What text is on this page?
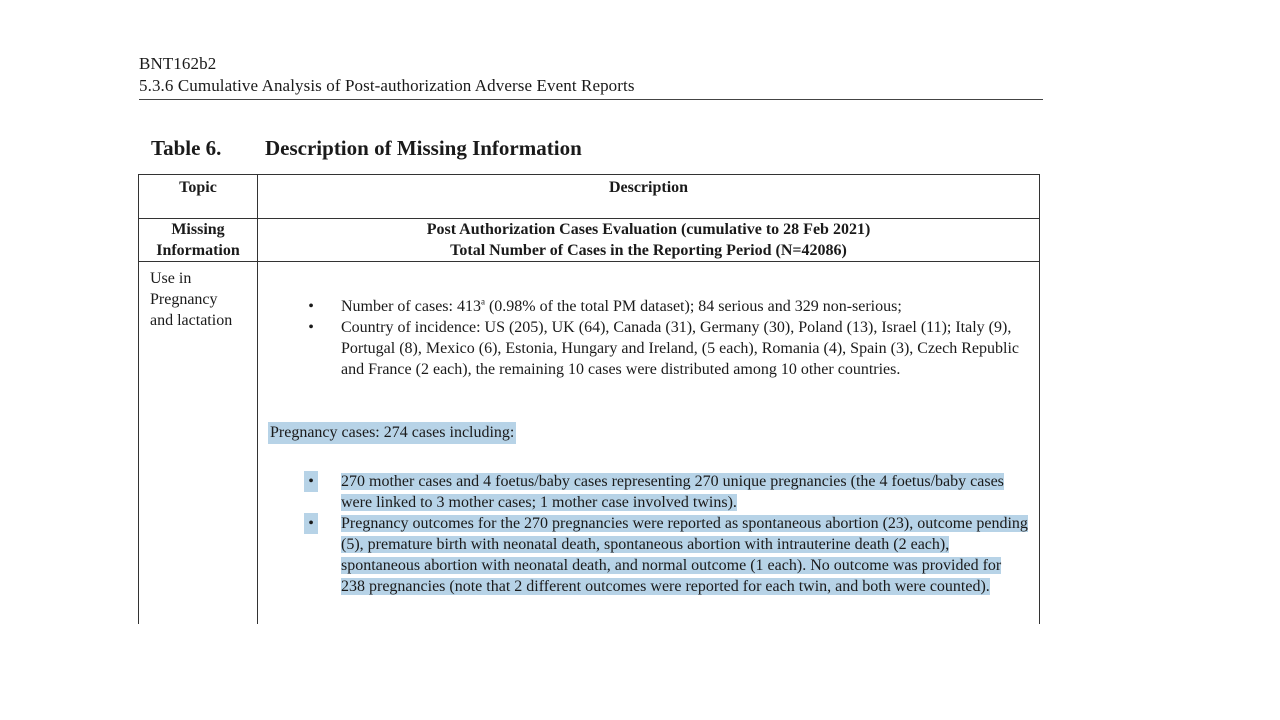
BNT162b2
5.3.6 Cumulative Analysis of Post-authorization Adverse Event Reports
Table 6. Description of Missing Information
Topic	Description
Missing
Information
Post Authorization Cases Evaluation (cumulative to 28 Feb 2021)
Total Number of Cases in the Reporting Period (N=42086)
Use in
Pregnancy
and lactation
• Number of cases: 413$^a$ (0.98% of the total PM dataset); 84 serious and 329 non-serious;
• Country of incidence: US (205), UK (64), Canada (31), Germany (30), Poland (13), Israel (11); Italy (9), Portugal (8), Mexico (6), Estonia, Hungary and Ireland, (5 each), Romania (4), Spain (3), Czech Republic and France (2 each), the remaining 10 cases were distributed among 10 other countries.
Pregnancy cases: 274 cases including:
• 270 mother cases and 4 foetus/baby cases representing 270 unique pregnancies (the 4 foetus/baby cases were linked to 3 mother cases; 1 mother case involved twins).
• Pregnancy outcomes for the 270 pregnancies were reported as spontaneous abortion (23), outcome pending (5), premature birth with neonatal death, spontaneous abortion with intrauterine death (2 each), spontaneous abortion with neonatal death, and normal outcome (1 each). No outcome was provided for 238 pregnancies (note that 2 different outcomes were reported for each twin, and both were counted).
